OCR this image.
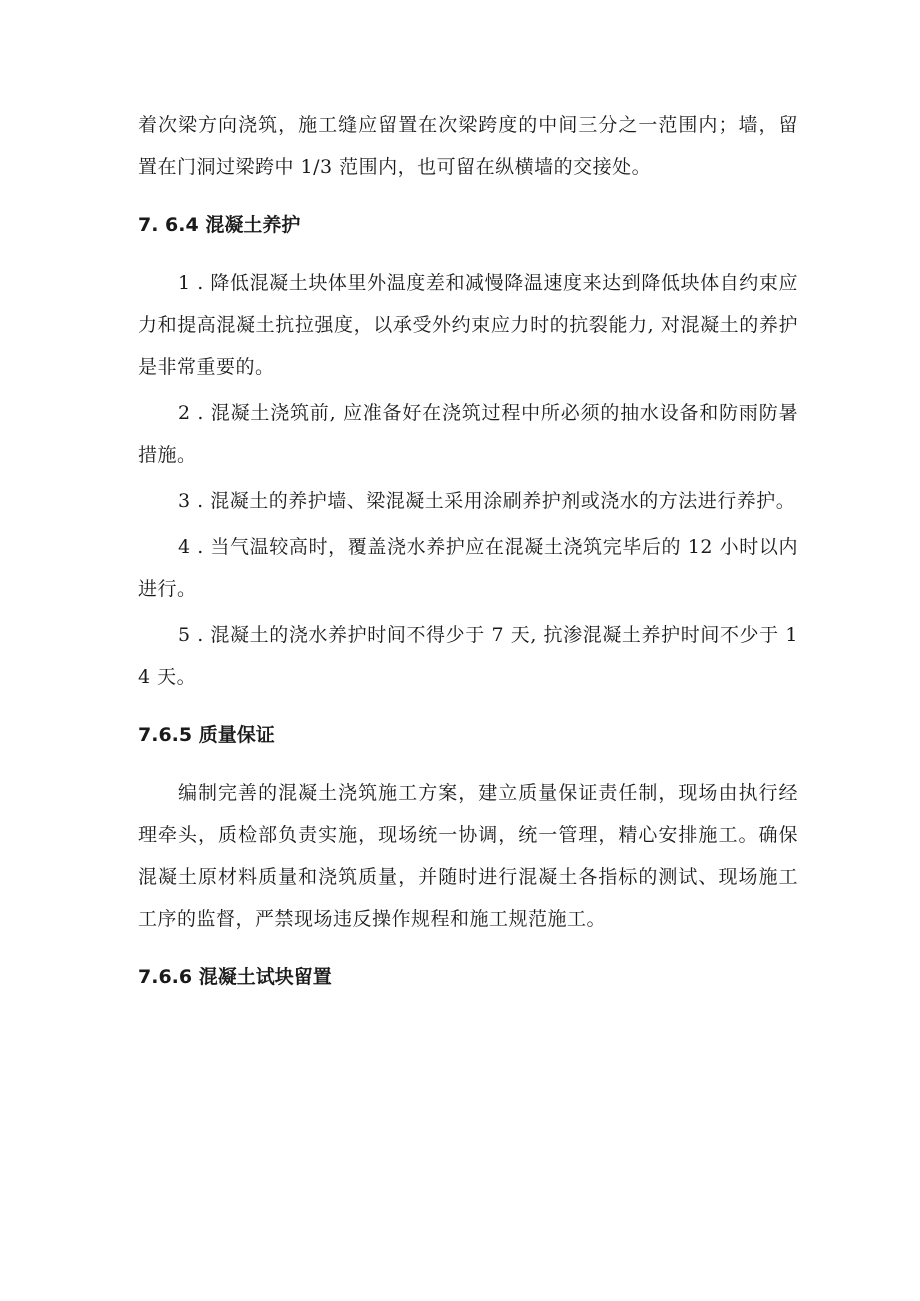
着次梁方向浇筑，施工缝应留置在次梁跨度的中间三分之一范围内；墙，留置在门洞过梁跨中 1/3 范围内，也可留在纵横墙的交接处。

7. 6.4 混凝土养护

1 . 降低混凝土块体里外温度差和减慢降温速度来达到降低块体自约束应力和提高混凝土抗拉强度，以承受外约束应力时的抗裂能力, 对混凝土的养护是非常重要的。

2 . 混凝土浇筑前, 应准备好在浇筑过程中所必须的抽水设备和防雨防暑措施。

3 . 混凝土的养护墙、梁混凝土采用涂刷养护剂或浇水的方法进行养护。

4 . 当气温较高时，覆盖浇水养护应在混凝土浇筑完毕后的 12 小时以内进行。

5 . 混凝土的浇水养护时间不得少于 7 天, 抗渗混凝土养护时间不少于 14 天。

7.6.5 质量保证

编制完善的混凝土浇筑施工方案，建立质量保证责任制，现场由执行经理牵头，质检部负责实施，现场统一协调，统一管理，精心安排施工。确保混凝土原材料质量和浇筑质量，并随时进行混凝土各指标的测试、现场施工工序的监督，严禁现场违反操作规程和施工规范施工。

7.6.6 混凝土试块留置
